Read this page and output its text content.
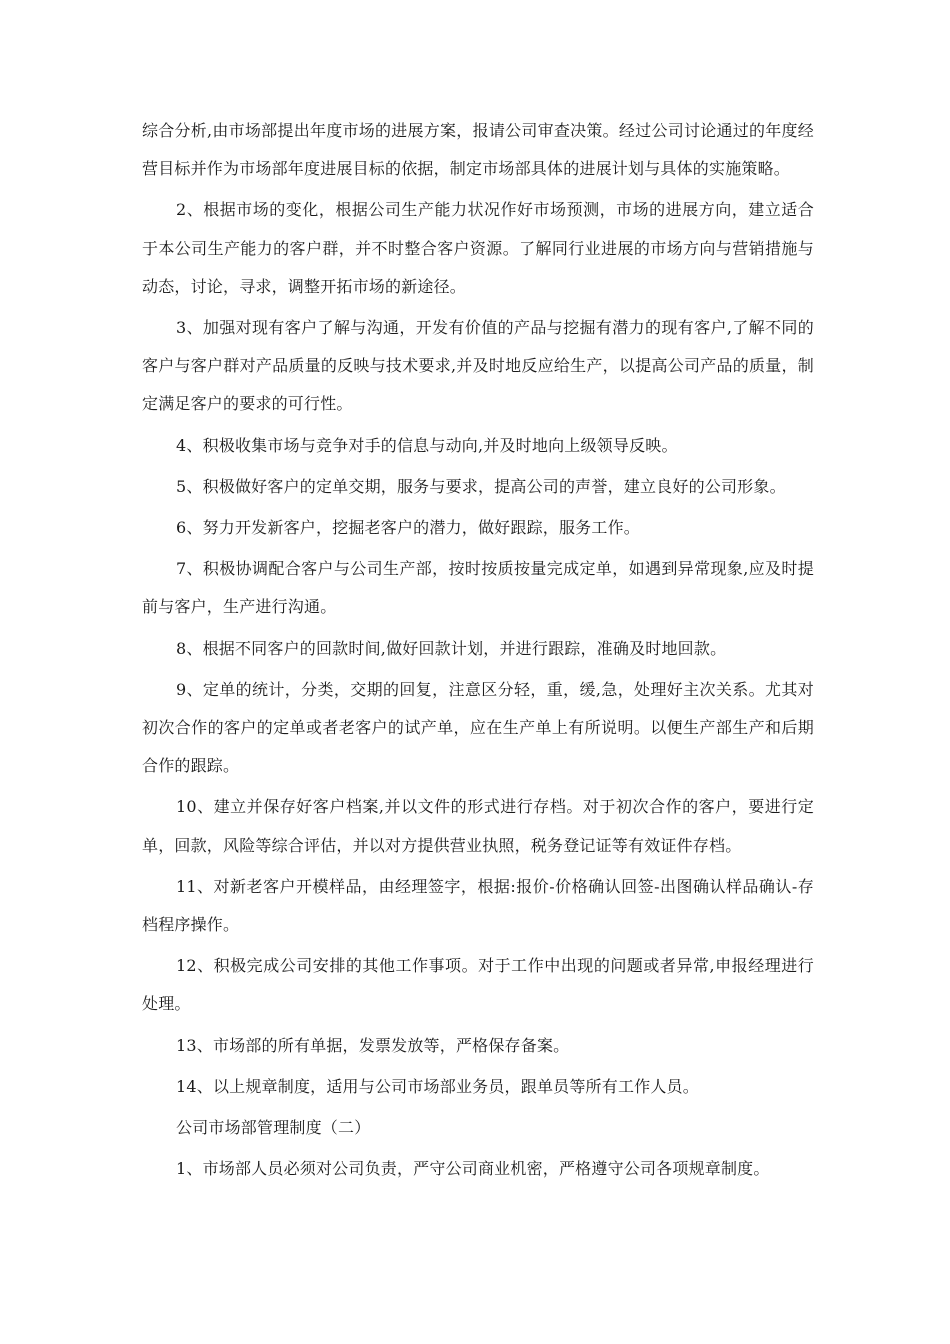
综合分析,由市场部提出年度市场的进展方案，报请公司审查决策。经过公司讨论通过的年度经营目标并作为市场部年度进展目标的依据，制定市场部具体的进展计划与具体的实施策略。

2、根据市场的变化，根据公司生产能力状况作好市场预测，市场的进展方向，建立适合于本公司生产能力的客户群，并不时整合客户资源。了解同行业进展的市场方向与营销措施与动态，讨论，寻求，调整开拓市场的新途径。

3、加强对现有客户了解与沟通，开发有价值的产品与挖掘有潜力的现有客户,了解不同的客户与客户群对产品质量的反映与技术要求,并及时地反应给生产，以提高公司产品的质量，制定满足客户的要求的可行性。

4、积极收集市场与竞争对手的信息与动向,并及时地向上级领导反映。

5、积极做好客户的定单交期，服务与要求，提高公司的声誉，建立良好的公司形象。

6、努力开发新客户，挖掘老客户的潜力，做好跟踪，服务工作。

7、积极协调配合客户与公司生产部，按时按质按量完成定单，如遇到异常现象,应及时提前与客户，生产进行沟通。

8、根据不同客户的回款时间,做好回款计划，并进行跟踪，准确及时地回款。

9、定单的统计，分类，交期的回复，注意区分轻，重，缓,急，处理好主次关系。尤其对初次合作的客户的定单或者老客户的试产单，应在生产单上有所说明。以便生产部生产和后期合作的跟踪。

10、建立并保存好客户档案,并以文件的形式进行存档。对于初次合作的客户，要进行定单，回款，风险等综合评估，并以对方提供营业执照，税务登记证等有效证件存档。

11、对新老客户开模样品，由经理签字，根据:报价-价格确认回签-出图确认样品确认-存档程序操作。

12、积极完成公司安排的其他工作事项。对于工作中出现的问题或者异常,申报经理进行处理。

13、市场部的所有单据，发票发放等，严格保存备案。

14、以上规章制度，适用与公司市场部业务员，跟单员等所有工作人员。

公司市场部管理制度（二）

1、市场部人员必须对公司负责，严守公司商业机密，严格遵守公司各项规章制度。
